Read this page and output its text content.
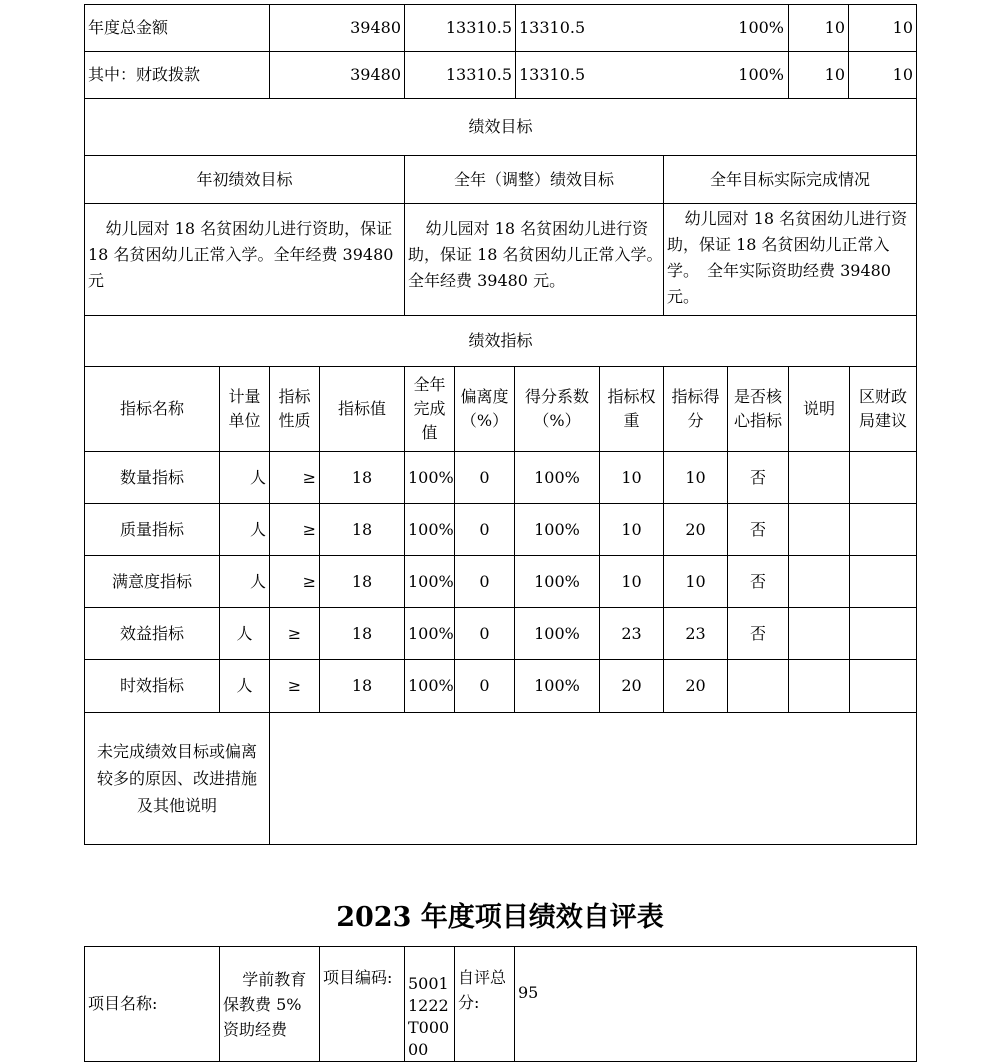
年度总金额	39480	13310.5	13310.5 100%		10	10
其中：财政拨款	39480	13310.5	13310.5 100%		10	10
绩效目标						
年初绩效目标		全年（调整）绩效目标		全年目标实际完成情况		
幼儿园对 18 名贫困幼儿进行资助，保证 18 名贫困幼儿正常入学。全年经费 39480 元		幼儿园对 18 名贫困幼儿进行资助，保证 18 名贫困幼儿正常入学。　全年经费 39480 元。		幼儿园对 18 名贫困幼儿进行资助，保证 18 名贫困幼儿正常入学。　全年实际资助经费 39480 元。		
绩效指标						
指标名称	计量单位	指标性质	指标值	全年完成值	偏离度（%）	得分系数（%）	指标权重	指标得分	是否核心指标	说明	区财政局建议
数量指标	人	≥	18	100%	0	100%	10	10	否		
质量指标	人	≥	18	100%	0	100%	10	20	否		
满意度指标	人	≥	18	100%	0	100%	10	10	否		
效益指标	人	≥	18	100%	0	100%	23	23	否		
时效指标	人	≥	18	100%	0	100%	20	20			
未完成绩效目标或偏离较多的原因、改进措施及其他说明											
2023 年度项目绩效自评表
项目名称:	学前教育保教费 5%资助经费	项目编码:	50011222T00000	自评总分:	95
